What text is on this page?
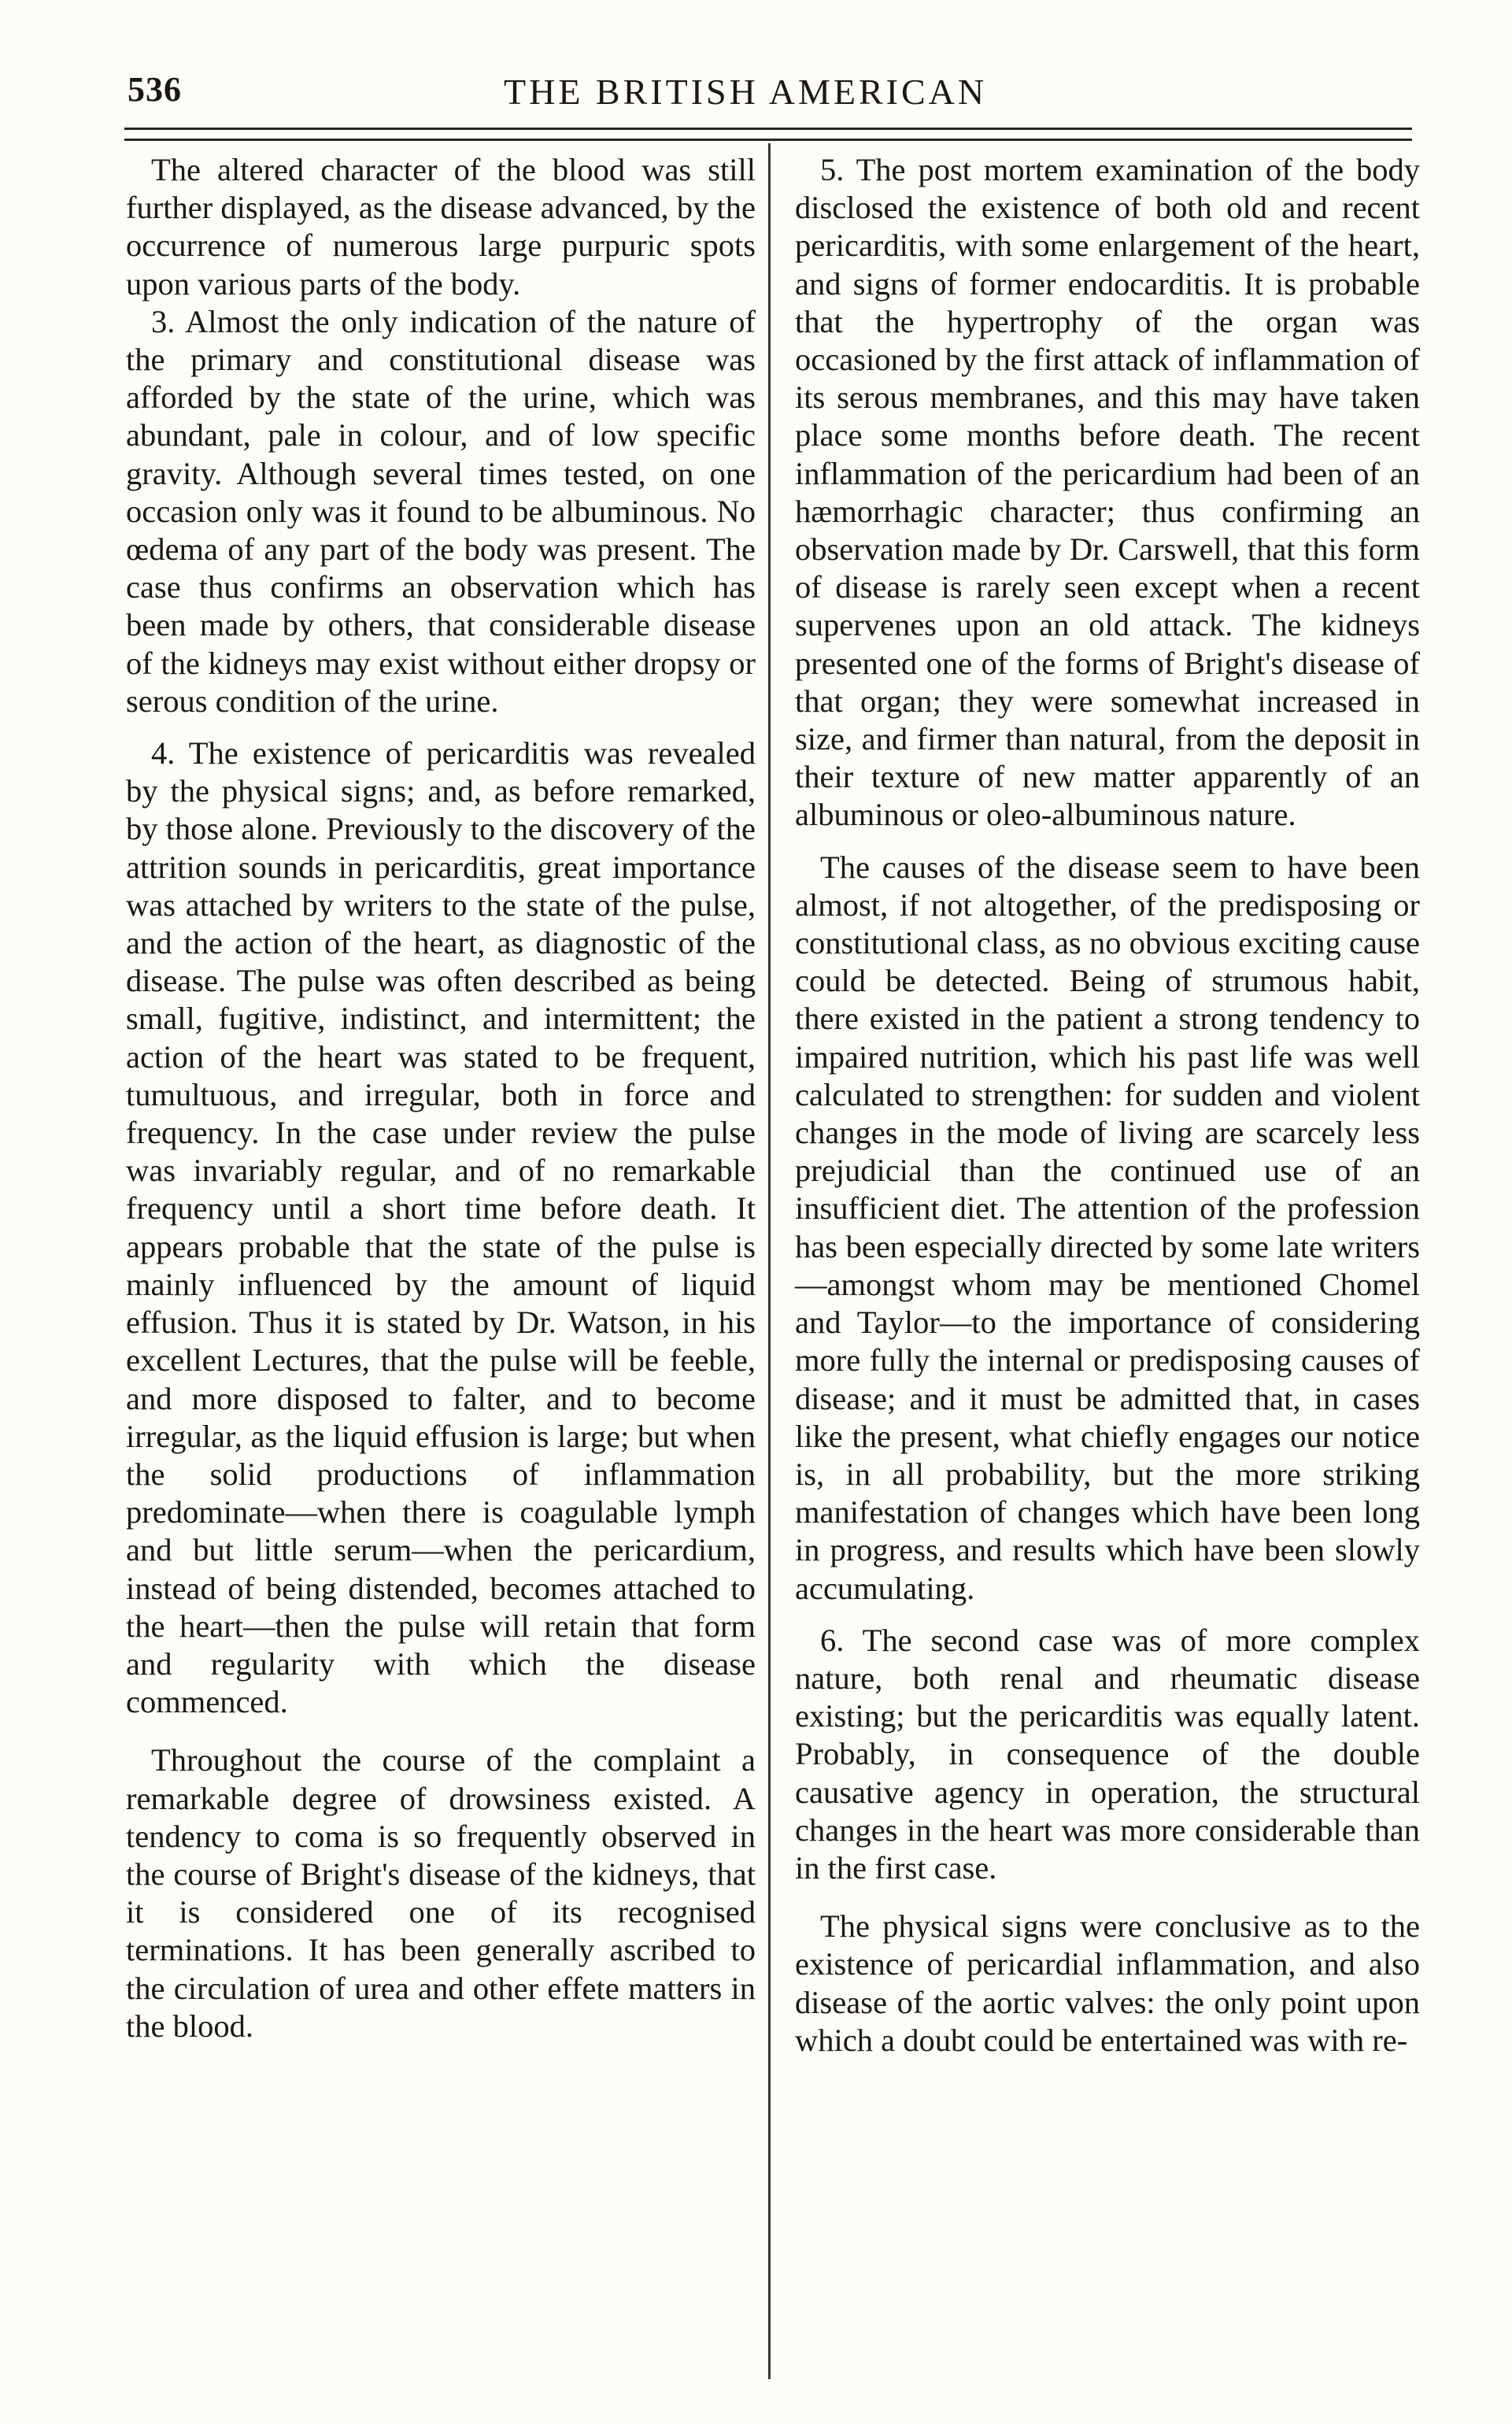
536	THE BRITISH AMERICAN

The altered character of the blood was still further displayed, as the disease advanced, by the occurrence of numerous large purpuric spots upon various parts of the body.

3. Almost the only indication of the nature of the primary and constitutional disease was afforded by the state of the urine, which was abundant, pale in colour, and of low specific gravity. Although several times tested, on one occasion only was it found to be albuminous. No œdema of any part of the body was present. The case thus confirms an observation which has been made by others, that considerable disease of the kidneys may exist without either dropsy or serous condition of the urine.

4. The existence of pericarditis was revealed by the physical signs; and, as before remarked, by those alone. Previously to the discovery of the attrition sounds in pericarditis, great importance was attached by writers to the state of the pulse, and the action of the heart, as diagnostic of the disease. The pulse was often described as being small, fugitive, indistinct, and intermittent; the action of the heart was stated to be frequent, tumultuous, and irregular, both in force and frequency. In the case under review the pulse was invariably regular, and of no remarkable frequency until a short time before death. It appears probable that the state of the pulse is mainly influenced by the amount of liquid effusion. Thus it is stated by Dr. Watson, in his excellent Lectures, that the pulse will be feeble, and more disposed to falter, and to become irregular, as the liquid effusion is large; but when the solid productions of inflammation predominate—when there is coagulable lymph and but little serum—when the pericardium, instead of being distended, becomes attached to the heart—then the pulse will retain that form and regularity with which the disease commenced.

Throughout the course of the complaint a remarkable degree of drowsiness existed. A tendency to coma is so frequently observed in the course of Bright's disease of the kidneys, that it is considered one of its recognised terminations. It has been generally ascribed to the circulation of urea and other effete matters in the blood.

5. The post mortem examination of the body disclosed the existence of both old and recent pericarditis, with some enlargement of the heart, and signs of former endocarditis. It is probable that the hypertrophy of the organ was occasioned by the first attack of inflammation of its serous membranes, and this may have taken place some months before death. The recent inflammation of the pericardium had been of an hæmorrhagic character; thus confirming an observation made by Dr. Carswell, that this form of disease is rarely seen except when a recent supervenes upon an old attack. The kidneys presented one of the forms of Bright's disease of that organ; they were somewhat increased in size, and firmer than natural, from the deposit in their texture of new matter apparently of an albuminous or oleo-albuminous nature.

The causes of the disease seem to have been almost, if not altogether, of the predisposing or constitutional class, as no obvious exciting cause could be detected. Being of strumous habit, there existed in the patient a strong tendency to impaired nutrition, which his past life was well calculated to strengthen: for sudden and violent changes in the mode of living are scarcely less prejudicial than the continued use of an insufficient diet. The attention of the profession has been especially directed by some late writers—amongst whom may be mentioned Chomel and Taylor—to the importance of considering more fully the internal or predisposing causes of disease; and it must be admitted that, in cases like the present, what chiefly engages our notice is, in all probability, but the more striking manifestation of changes which have been long in progress, and results which have been slowly accumulating.

6. The second case was of more complex nature, both renal and rheumatic disease existing; but the pericarditis was equally latent. Probably, in consequence of the double causative agency in operation, the structural changes in the heart was more considerable than in the first case.

The physical signs were conclusive as to the existence of pericardial inflammation, and also disease of the aortic valves: the only point upon which a doubt could be entertained was with re-
